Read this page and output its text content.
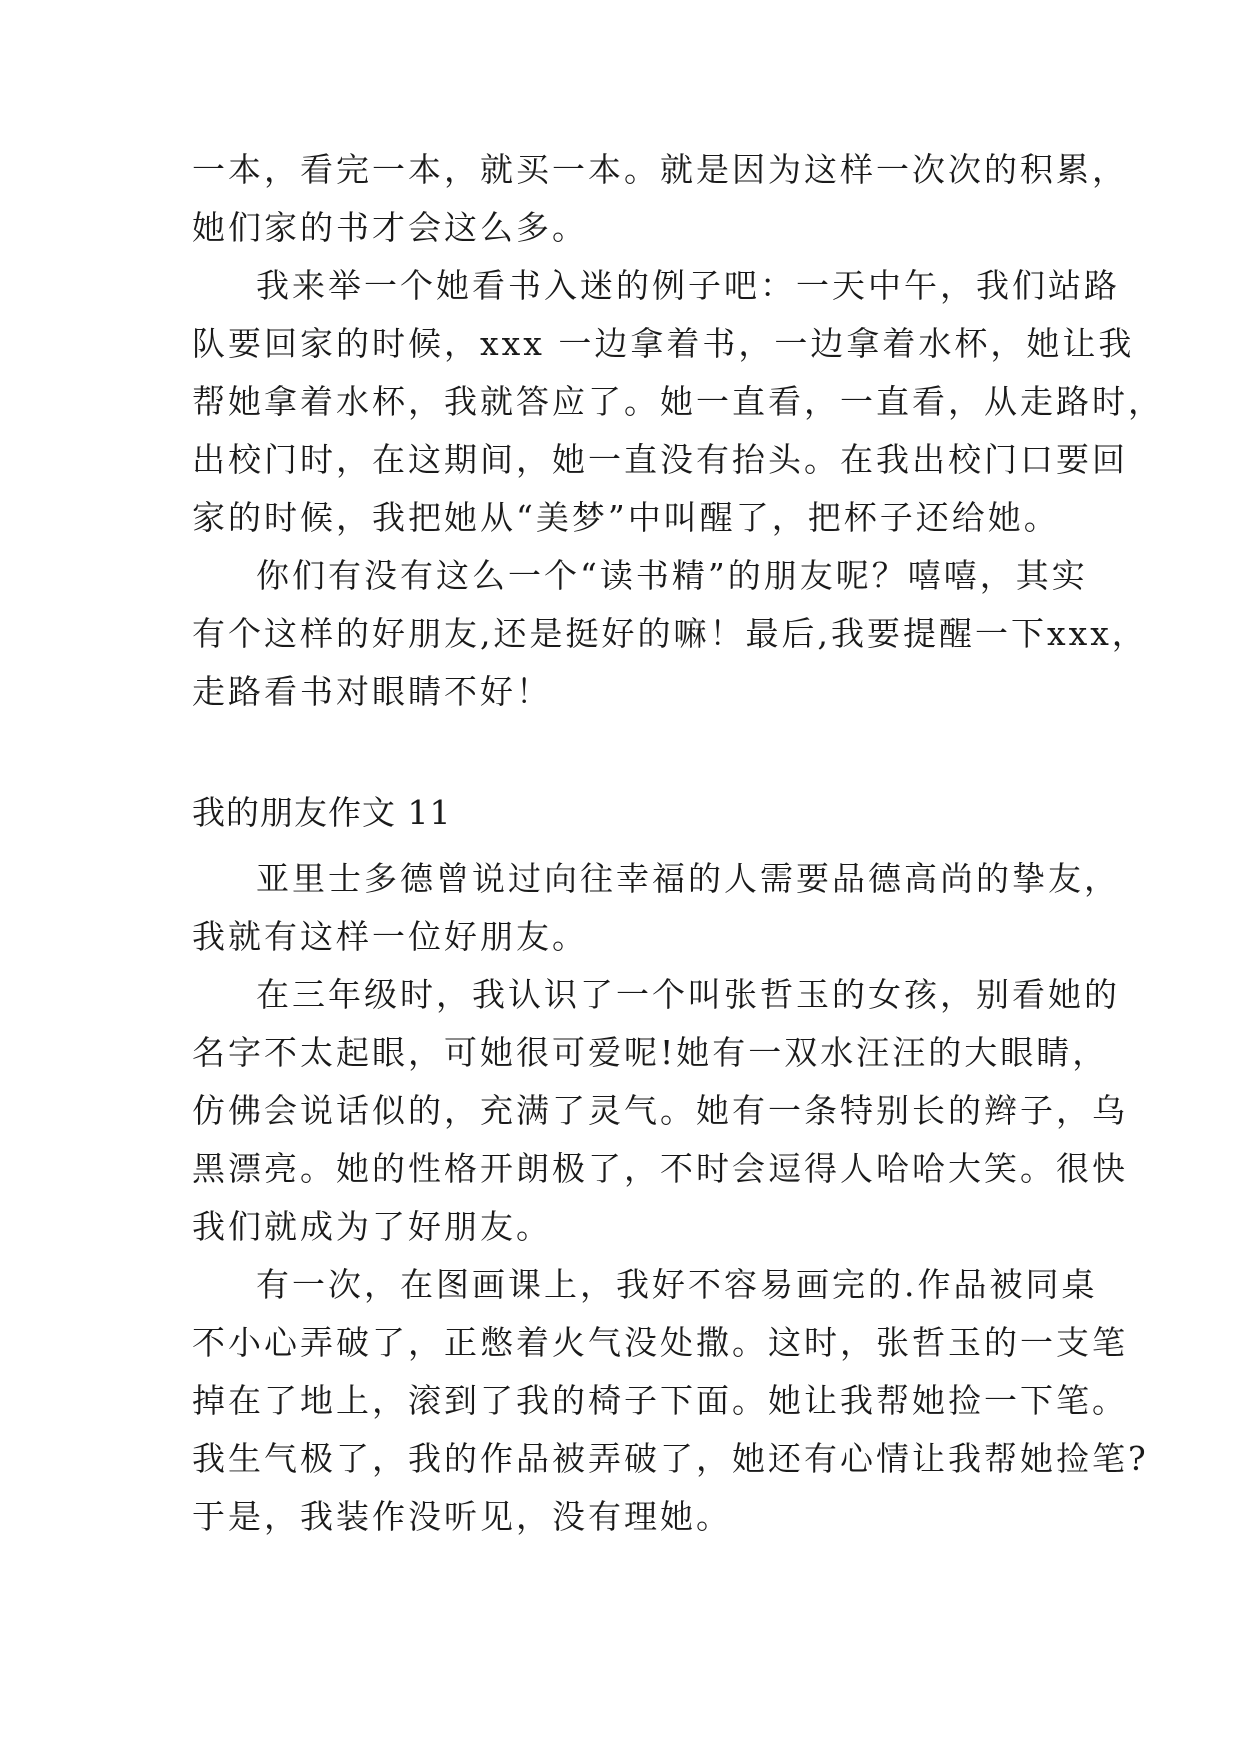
一本，看完一本，就买一本。就是因为这样一次次的积累，
她们家的书才会这么多。
我来举一个她看书入迷的例子吧：一天中午，我们站路
队要回家的时候，xxx 一边拿着书，一边拿着水杯，她让我
帮她拿着水杯，我就答应了。她一直看，一直看，从走路时，
出校门时，在这期间，她一直没有抬头。在我出校门口要回
家的时候，我把她从“美梦”中叫醒了，把杯子还给她。
你们有没有这么一个“读书精”的朋友呢？嘻嘻，其实
有个这样的好朋友,还是挺好的嘛！最后,我要提醒一下xxx，
走路看书对眼睛不好！
我的朋友作文 11
亚里士多德曾说过向往幸福的人需要品德高尚的挚友，
我就有这样一位好朋友。
在三年级时，我认识了一个叫张哲玉的女孩，别看她的
名字不太起眼，可她很可爱呢!她有一双水汪汪的大眼睛，
仿佛会说话似的，充满了灵气。她有一条特别长的辫子，乌
黑漂亮。她的性格开朗极了，不时会逗得人哈哈大笑。很快
我们就成为了好朋友。
有一次，在图画课上，我好不容易画完的.作品被同桌
不小心弄破了，正憋着火气没处撒。这时，张哲玉的一支笔
掉在了地上，滚到了我的椅子下面。她让我帮她捡一下笔。
我生气极了，我的作品被弄破了，她还有心情让我帮她捡笔?
于是，我装作没听见，没有理她。
